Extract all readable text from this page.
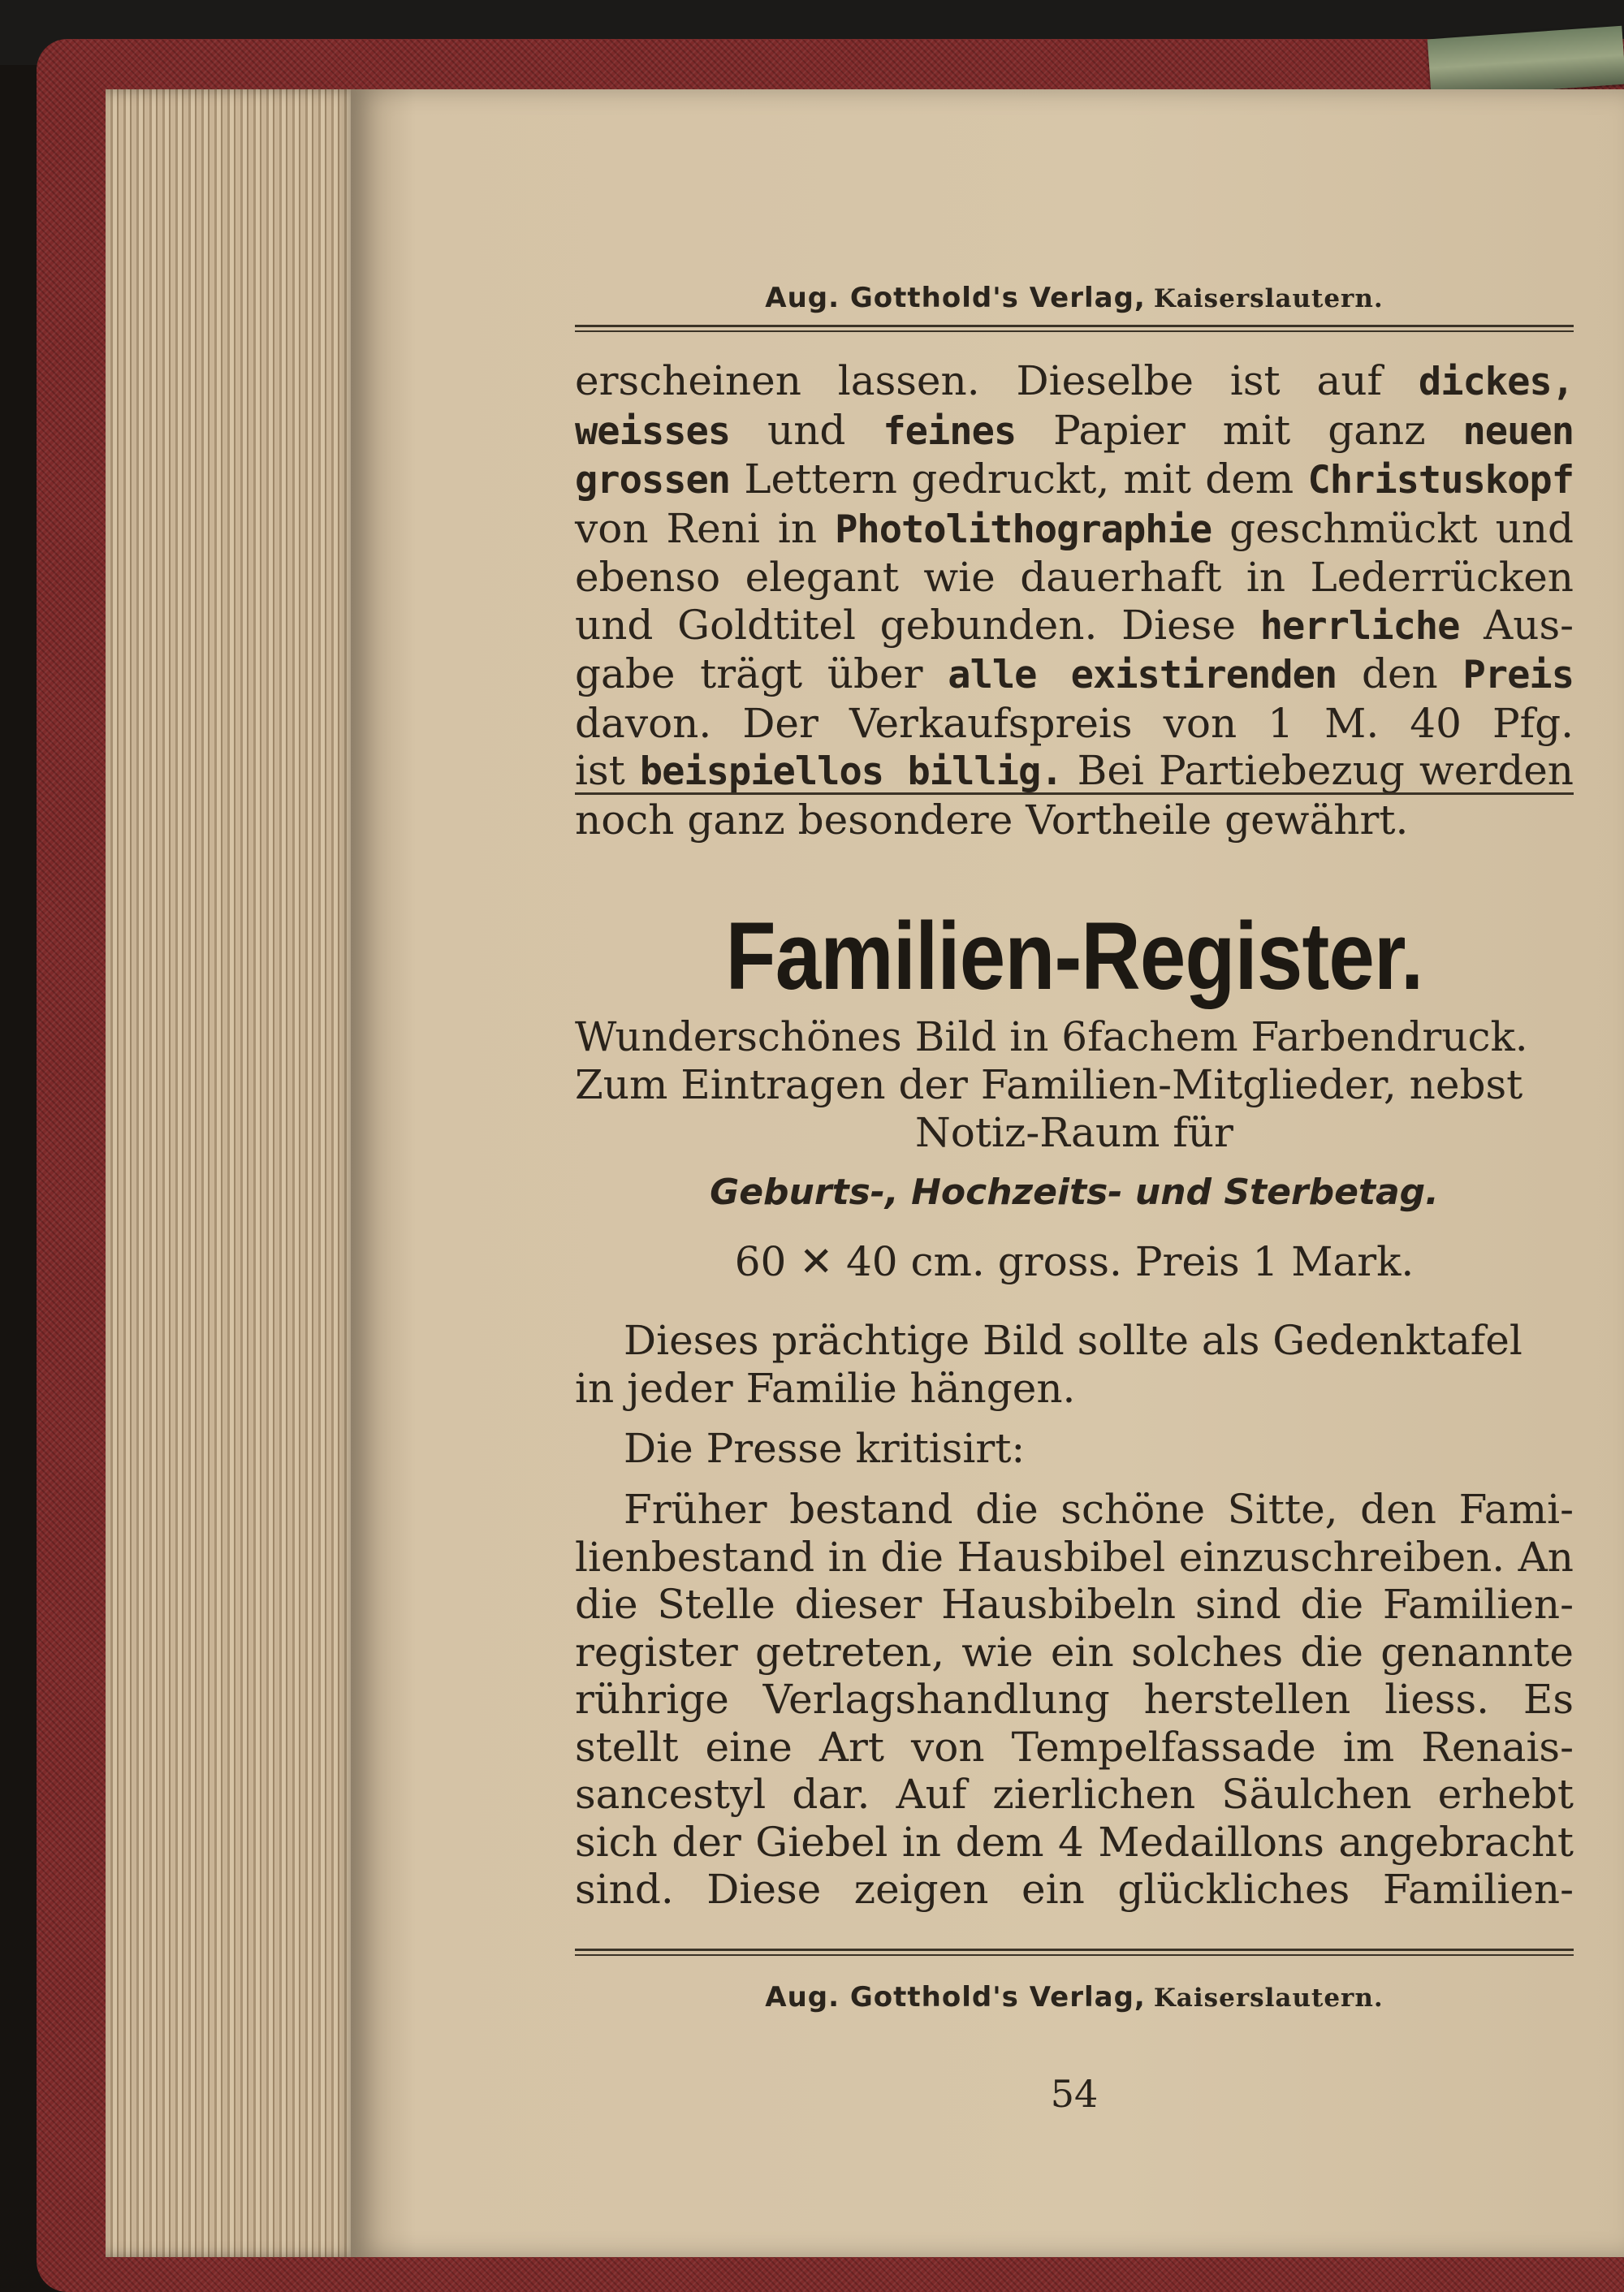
Aug. Gotthold's Verlag, Kaiserslautern.
erscheinen lassen. Dieselbe ist auf dickes,
weisses und feines Papier mit ganz neuen
grossen Lettern gedruckt, mit dem Christuskopf
von Reni in Photolithographie geschmückt und
ebenso elegant wie dauerhaft in Lederrücken
und Goldtitel gebunden. Diese herrliche Aus-
gabe trägt über alle existirenden den Preis
davon. Der Verkaufspreis von 1 M. 40 Pfg.
ist beispiellos billig. Bei Partiebezug werden
noch ganz besondere Vortheile gewährt.
Familien-Register.
Wunderschönes Bild in 6fachem Farbendruck.
Zum Eintragen der Familien-Mitglieder, nebst
Notiz-Raum für
Geburts-, Hochzeits- und Sterbetag.
60 ✕ 40 cm. gross. Preis 1 Mark.
Dieses prächtige Bild sollte als Gedenktafel
in jeder Familie hängen.
Die Presse kritisirt:
Früher bestand die schöne Sitte, den Fami-
lienbestand in die Hausbibel einzuschreiben. An
die Stelle dieser Hausbibeln sind die Familien-
register getreten, wie ein solches die genannte
rührige Verlagshandlung herstellen liess. Es
stellt eine Art von Tempelfassade im Renais-
sancestyl dar. Auf zierlichen Säulchen erhebt
sich der Giebel in dem 4 Medaillons angebracht
sind. Diese zeigen ein glückliches Familien-
Aug. Gotthold's Verlag, Kaiserslautern.
54
